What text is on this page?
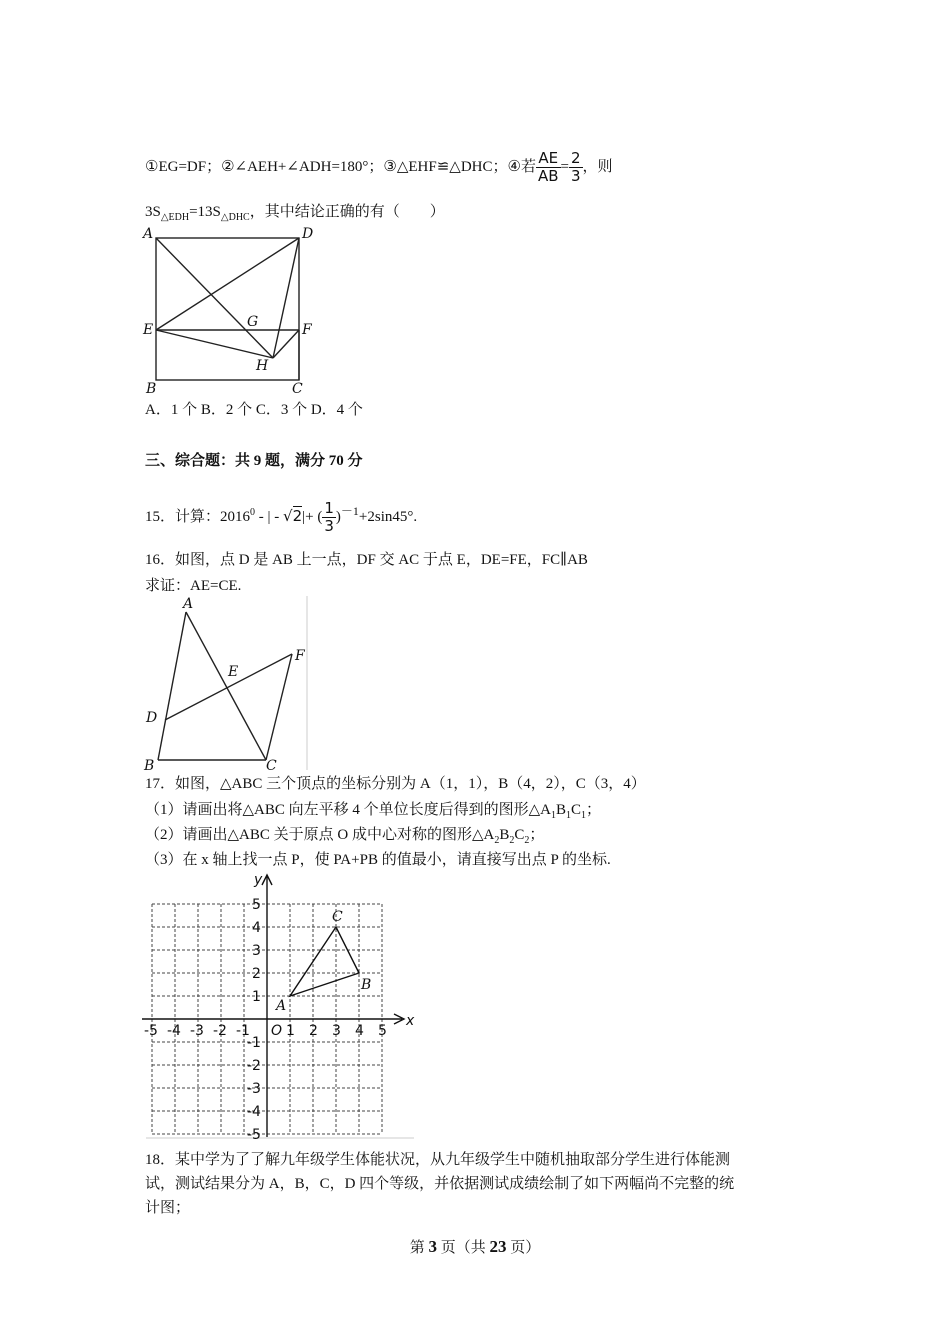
①EG=DF；②∠AEH+∠ADH=180°；③△EHF≌△DHC；④若 $\frac{AE}{AB} = \frac{2}{3}$ ，则
$3S_{\triangle EDH}=13S_{\triangle DHC}$，其中结论正确的有（　　）
A	D
E	G	F
H
B	C
A．1 个 B．2 个 C．3 个 D．4 个
三、综合题：共 9 题，满分 70 分
15．计算：2016$^0$ - | - √2|+ ( $\frac{1}{3} )^{-1}+2\sin 45^\circ$.
16．如图，点 D 是 AB 上一点，DF 交 AC 于点 E，DE=FE，FC∥AB
求证：AE=CE.
A
E
F
D
B	C
17．如图，△ABC 三个顶点的坐标分别为 A（1，1），B（4，2），C（3，4）
（1）请画出将△ABC 向左平移 4 个单位长度后得到的图形$\triangle A_1B_1C_1$；
（2）请画出△ABC 关于原点 O 成中心对称的图形$\triangle A_2B_2C_2$；
（3）在 x 轴上找一点 P，使 PA+PB 的值最小，请直接写出点 P 的坐标.
x
y
O
-5 -4 -3 -2 -1	1 2 3 4 5
5
4
3
2
1
-1
-2
-3
-4
-5
A
B
C
18．某中学为了了解九年级学生体能状况，从九年级学生中随机抽取部分学生进行体能测
试，测试结果分为 A，B，C，D 四个等级，并依据测试成绩绘制了如下两幅尚不完整的统
计图；
第 3 页（共 23 页）
